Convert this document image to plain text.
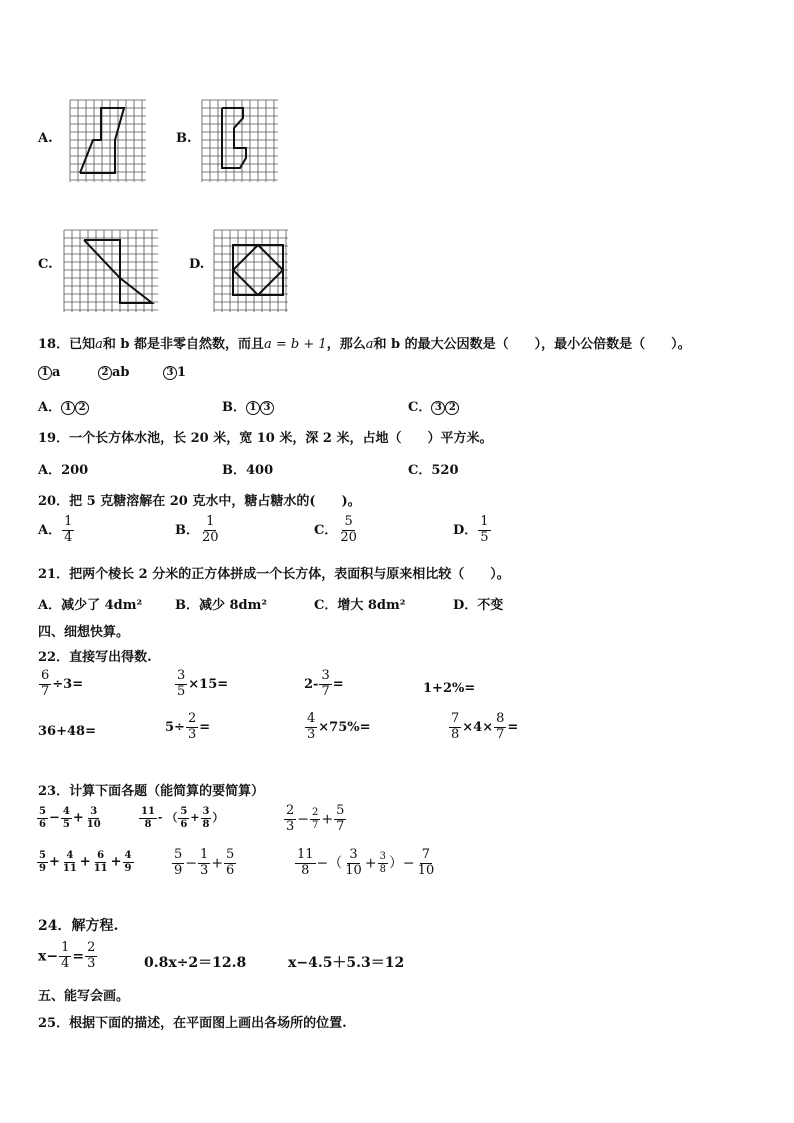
A.	B.
C.	D.
18．已知a和 b 都是非零自然数，而且a = b + 1，那么a和 b 的最大公因数是（　　），最小公倍数是（　　）。
1 a	2 ab	3 1
A． 1 2	B． 1 3	C． 3 2
19．一个长方体水池，长 20 米，宽 10 米，深 2 米，占地（　　）平方米。
A．200	B．400	C．520
20．把 5 克糖溶解在 20 克水中，糖占糖水的(　　)。
A． $\frac{1}{4}$	B． $\frac{1}{20}$	C． $\frac{5}{20}$	D． $\frac{1}{5}$
21．把两个棱长 2 分米的正方体拼成一个长方体，表面积与原来相比较（　　）。
A．减少了 4dm²	B．减少 8dm²	C．增大 8dm²	D．不变
四、细想快算。
22．直接写出得数.
$\frac{6}{7} \div 3=$	$\frac{3}{5} \times 15=$	$2- \frac{3}{7}$ =	1+2%=
36+48=	$5\div \frac{2}{3}$ =	$\frac{4}{3} \times 75\%=$	$\frac{7}{8} \times 4\times \frac{8}{7}$ =
23．计算下面各题（能简算的要简算）
$\frac{5}{6} - \frac{4}{5} + \frac{3}{10}$	$\frac{11}{8}$ - （ $\frac{5}{6} + \frac{3}{8}$ ）	$\frac{2}{3} - \frac{2}{7} + \frac{5}{7}$
$\frac{5}{9} + \frac{4}{11} + \frac{6}{11} + \frac{4}{9}$	$\frac{5}{9} - \frac{1}{3} + \frac{5}{6}$	$\frac{11}{8}$ −（ $\frac{3}{10} + \frac{3}{8}$ ）− $\frac{7}{10}$
24．解方程.
$x- \frac{1}{4} = \frac{2}{3}$	0.8x÷2＝12.8	x−4.5＋5.3＝12
五、能写会画。
25．根据下面的描述，在平面图上画出各场所的位置.
